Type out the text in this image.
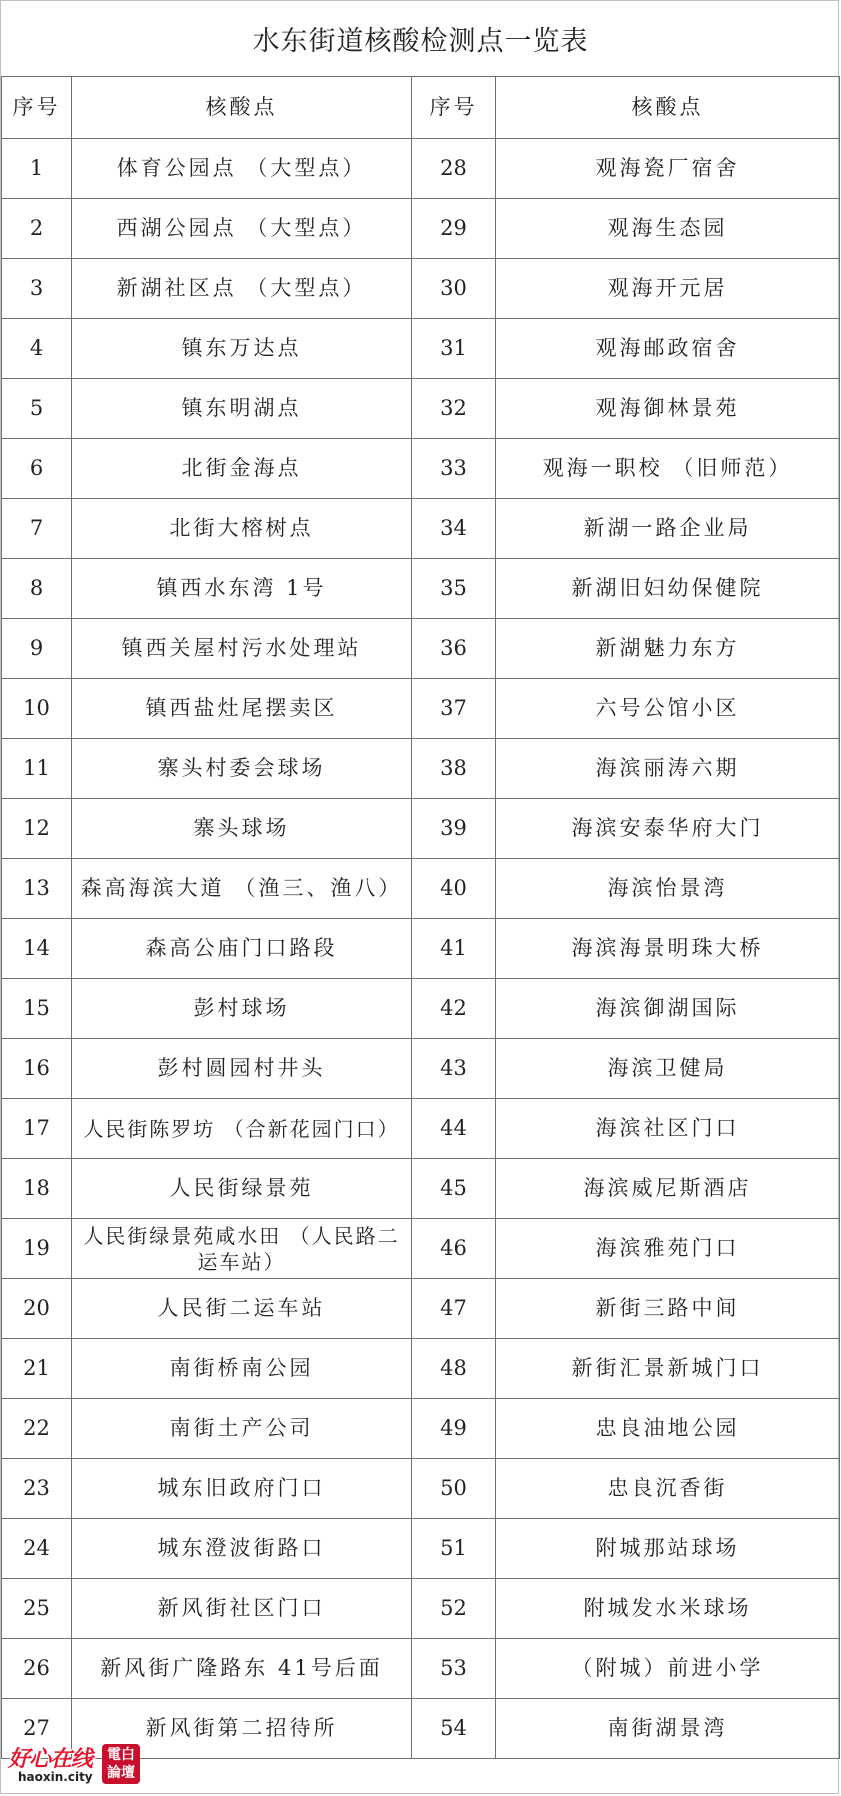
水东街道核酸检测点一览表
序号	核酸点	序号	核酸点
1	体育公园点 （大型点）	28	观海瓷厂宿舍
2	西湖公园点 （大型点）	29	观海生态园
3	新湖社区点 （大型点）	30	观海开元居
4	镇东万达点	31	观海邮政宿舍
5	镇东明湖点	32	观海御林景苑
6	北街金海点	33	观海一职校 （旧师范）
7	北街大榕树点	34	新湖一路企业局
8	镇西水东湾 1号	35	新湖旧妇幼保健院
9	镇西关屋村污水处理站	36	新湖魅力东方
10	镇西盐灶尾摆卖区	37	六号公馆小区
11	寨头村委会球场	38	海滨丽涛六期
12	寨头球场	39	海滨安泰华府大门
13	森高海滨大道 （渔三、渔八）	40	海滨怡景湾
14	森高公庙门口路段	41	海滨海景明珠大桥
15	彭村球场	42	海滨御湖国际
16	彭村圆园村井头	43	海滨卫健局
17	人民街陈罗坊 （合新花园门口）	44	海滨社区门口
18	人民街绿景苑	45	海滨威尼斯酒店
19	人民街绿景苑咸水田 （人民路二运车站）	46	海滨雅苑门口
20	人民街二运车站	47	新街三路中间
21	南街桥南公园	48	新街汇景新城门口
22	南街土产公司	49	忠良油地公园
23	城东旧政府门口	50	忠良沉香街
24	城东澄波街路口	51	附城那站球场
25	新风街社区门口	52	附城发水米球场
26	新风街广隆路东 41号后面	53	（附城）前进小学
27	新风街第二招待所	54	南街湖景湾
好心在线
haoxin.city
電白論壇
